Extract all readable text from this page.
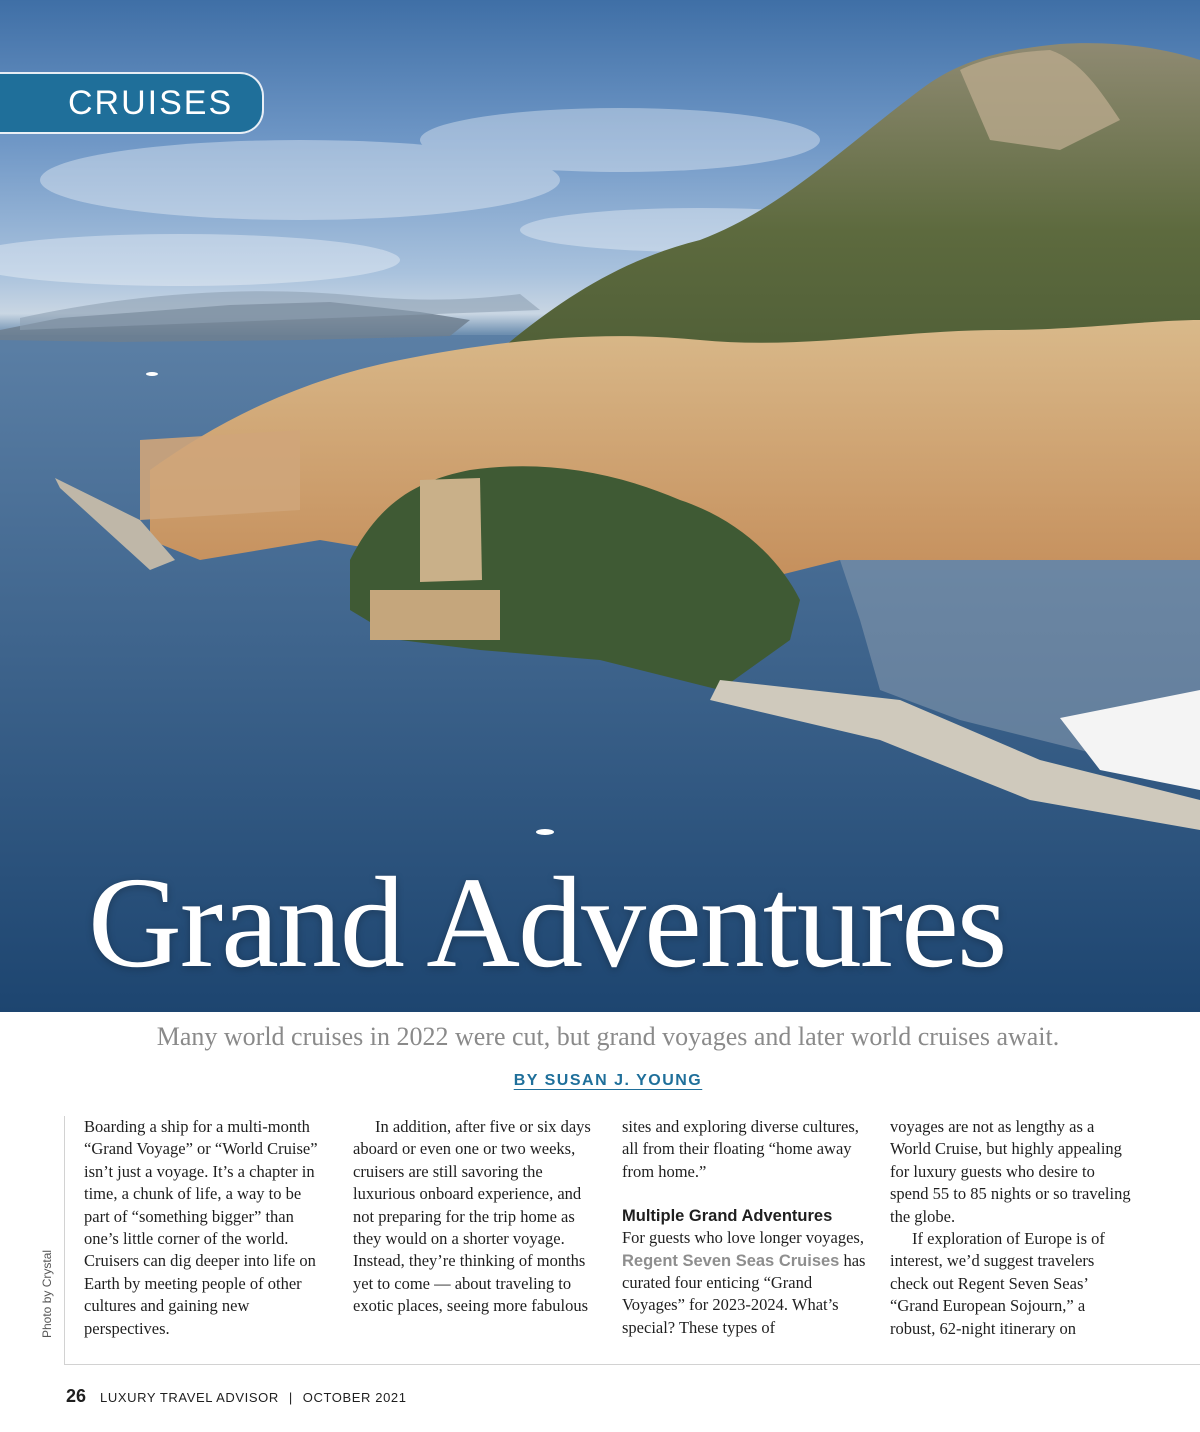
CRUISES
Grand Adventures

Many world cruises in 2022 were cut, but grand voyages and later world cruises await.

BY SUSAN J. YOUNG

Boarding a ship for a multi-month “Grand Voyage” or “World Cruise” isn’t just a voyage. It’s a chapter in time, a chunk of life, a way to be part of “something bigger” than one’s little corner of the world. Cruisers can dig deeper into life on Earth by meeting people of other cultures and gaining new perspectives.

In addition, after five or six days aboard or even one or two weeks, cruisers are still savoring the luxurious onboard experience, and not preparing for the trip home as they would on a shorter voyage. Instead, they’re thinking of months yet to come — about traveling to exotic places, seeing more fabulous

sites and exploring diverse cultures, all from their floating “home away from home.”

Multiple Grand Adventures

For guests who love longer voyages, Regent Seven Seas Cruises has curated four enticing “Grand Voyages” for 2023-2024. What’s special? These types of

voyages are not as lengthy as a World Cruise, but highly appealing for luxury guests who desire to spend 55 to 85 nights or so traveling the globe.

If exploration of Europe is of interest, we’d suggest travelers check out Regent Seven Seas’ “Grand European Sojourn,” a robust, 62-night itinerary on

Photo by Crystal
26 LUXURY TRAVEL ADVISOR | OCTOBER 2021
